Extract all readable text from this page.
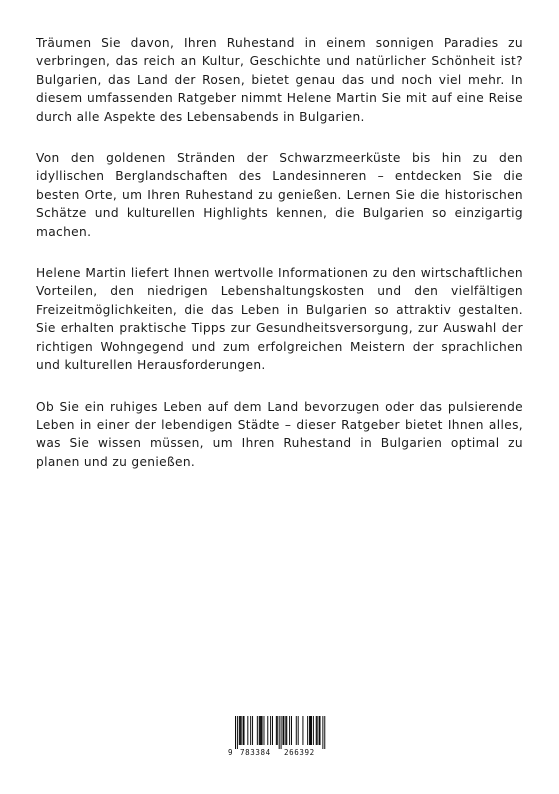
Träumen Sie davon, Ihren Ruhestand in einem sonnigen Paradies zu verbringen, das reich an Kultur, Geschichte und natürlicher Schönheit ist? Bulgarien, das Land der Rosen, bietet genau das und noch viel mehr. In diesem umfassenden Ratgeber nimmt Helene Martin Sie mit auf eine Reise durch alle Aspekte des Lebensabends in Bulgarien.

Von den goldenen Stränden der Schwarzmeerküste bis hin zu den idyllischen Berglandschaften des Landesinneren – entdecken Sie die besten Orte, um Ihren Ruhestand zu genießen. Lernen Sie die historischen Schätze und kulturellen Highlights kennen, die Bulgarien so einzigartig machen.

Helene Martin liefert Ihnen wertvolle Informationen zu den wirtschaftlichen Vorteilen, den niedrigen Lebenshaltungskosten und den vielfältigen Freizeitmöglichkeiten, die das Leben in Bulgarien so attraktiv gestalten. Sie erhalten praktische Tipps zur Gesundheitsversorgung, zur Auswahl der richtigen Wohngegend und zum erfolgreichen Meistern der sprachlichen und kulturellen Herausforderungen.

Ob Sie ein ruhiges Leben auf dem Land bevorzugen oder das pulsierende Leben in einer der lebendigen Städte – dieser Ratgeber bietet Ihnen alles, was Sie wissen müssen, um Ihren Ruhestand in Bulgarien optimal zu planen und zu genießen.

9 783384 266392
